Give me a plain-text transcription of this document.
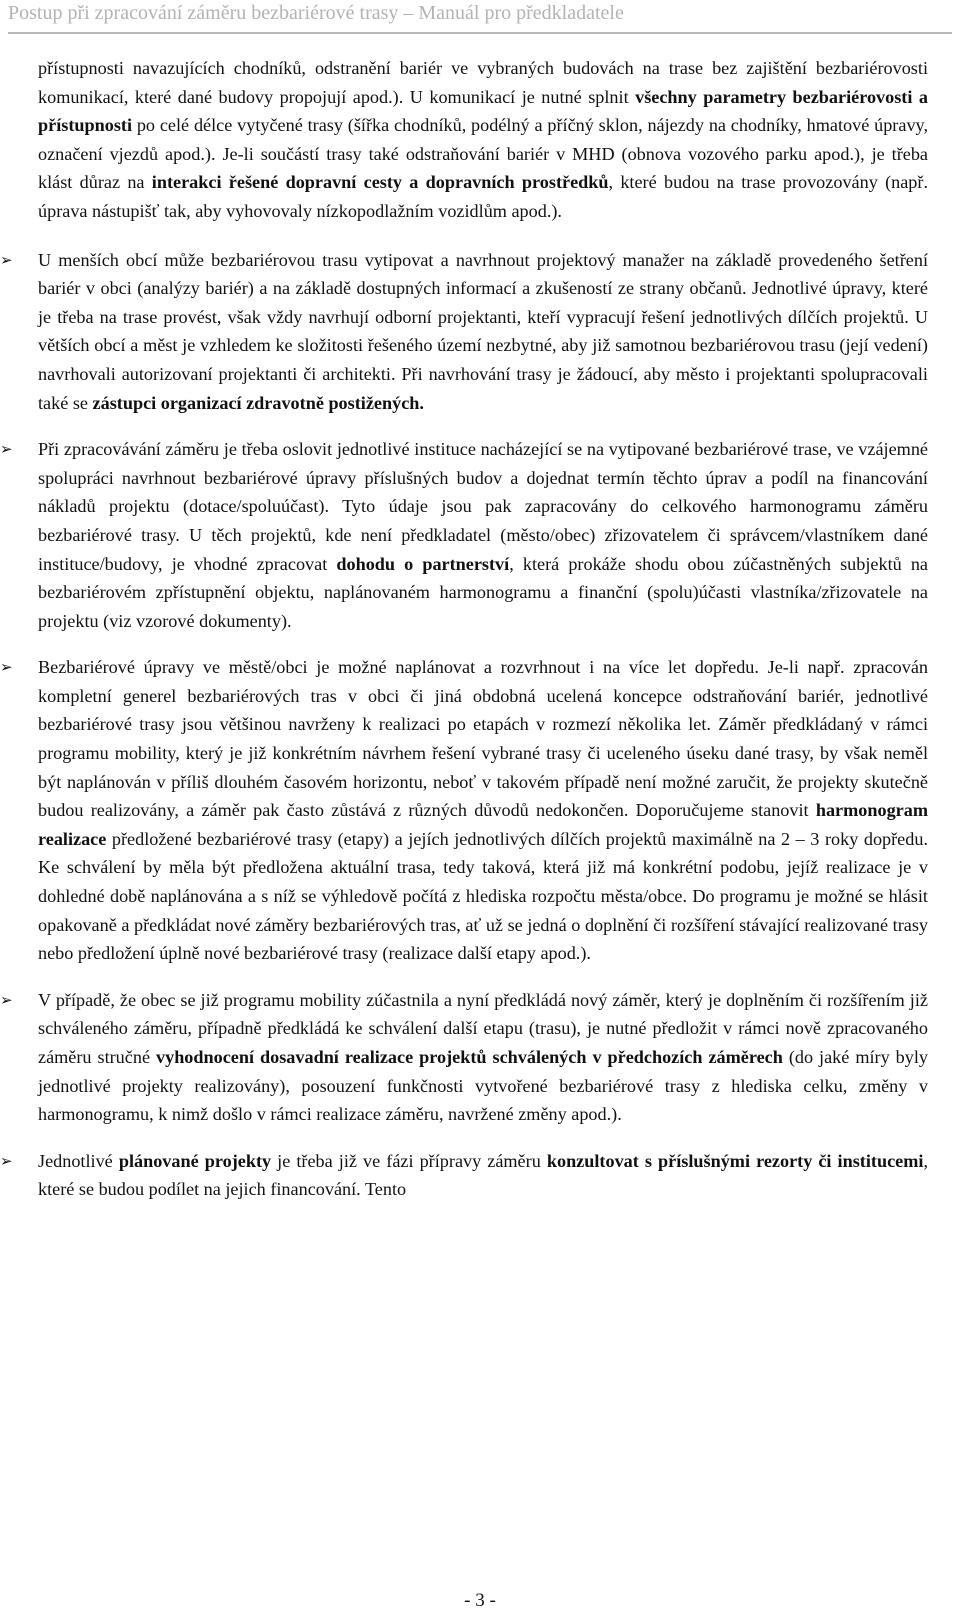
Postup při zpracování záměru bezbariérové trasy – Manuál pro předkladatele

přístupnosti navazujících chodníků, odstranění bariér ve vybraných budovách na trase bez zajištění bezbariérovosti komunikací, které dané budovy propojují apod.). U komunikací je nutné splnit všechny parametry bezbariérovosti a přístupnosti po celé délce vytyčené trasy (šířka chodníků, podélný a příčný sklon, nájezdy na chodníky, hmatové úpravy, označení vjezdů apod.). Je-li součástí trasy také odstraňování bariér v MHD (obnova vozového parku apod.), je třeba klást důraz na interakci řešené dopravní cesty a dopravních prostředků, které budou na trase provozovány (např. úprava nástupišť tak, aby vyhovovaly nízkopodlažním vozidlům apod.).

➢	U menších obcí může bezbariérovou trasu vytipovat a navrhnout projektový manažer na základě provedeného šetření bariér v obci (analýzy bariér) a na základě dostupných informací a zkušeností ze strany občanů. Jednotlivé úpravy, které je třeba na trase provést, však vždy navrhují odborní projektanti, kteří vypracují řešení jednotlivých dílčích projektů. U větších obcí a měst je vzhledem ke složitosti řešeného území nezbytné, aby již samotnou bezbariérovou trasu (její vedení) navrhovali autorizovaní projektanti či architekti. Při navrhování trasy je žádoucí, aby město i projektanti spolupracovali také se zástupci organizací zdravotně postižených.

➢	Při zpracovávání záměru je třeba oslovit jednotlivé instituce nacházející se na vytipované bezbariérové trase, ve vzájemné spolupráci navrhnout bezbariérové úpravy příslušných budov a dojednat termín těchto úprav a podíl na financování nákladů projektu (dotace/spoluúčast). Tyto údaje jsou pak zapracovány do celkového harmonogramu záměru bezbariérové trasy. U těch projektů, kde není předkladatel (město/obec) zřizovatelem či správcem/vlastníkem dané instituce/budovy, je vhodné zpracovat dohodu o partnerství, která prokáže shodu obou zúčastněných subjektů na bezbariérovém zpřístupnění objektu, naplánovaném harmonogramu a finanční (spolu)účasti vlastníka/zřizovatele na projektu (viz vzorové dokumenty).

➢	Bezbariérové úpravy ve městě/obci je možné naplánovat a rozvrhnout i na více let dopředu. Je-li např. zpracován kompletní generel bezbariérových tras v obci či jiná obdobná ucelená koncepce odstraňování bariér, jednotlivé bezbariérové trasy jsou většinou navrženy k realizaci po etapách v rozmezí několika let. Záměr předkládaný v rámci programu mobility, který je již konkrétním návrhem řešení vybrané trasy či uceleného úseku dané trasy, by však neměl být naplánován v příliš dlouhém časovém horizontu, neboť v takovém případě není možné zaručit, že projekty skutečně budou realizovány, a záměr pak často zůstává z různých důvodů nedokončen. Doporučujeme stanovit harmonogram realizace předložené bezbariérové trasy (etapy) a jejích jednotlivých dílčích projektů maximálně na 2 – 3 roky dopředu. Ke schválení by měla být předložena aktuální trasa, tedy taková, která již má konkrétní podobu, jejíž realizace je v dohledné době naplánována a s níž se výhledově počítá z hlediska rozpočtu města/obce. Do programu je možné se hlásit opakovaně a předkládat nové záměry bezbariérových tras, ať už se jedná o doplnění či rozšíření stávající realizované trasy nebo předložení úplně nové bezbariérové trasy (realizace další etapy apod.).

➢	V případě, že obec se již programu mobility zúčastnila a nyní předkládá nový záměr, který je doplněním či rozšířením již schváleného záměru, případně předkládá ke schválení další etapu (trasu), je nutné předložit v rámci nově zpracovaného záměru stručné vyhodnocení dosavadní realizace projektů schválených v předchozích záměrech (do jaké míry byly jednotlivé projekty realizovány), posouzení funkčnosti vytvořené bezbariérové trasy z hlediska celku, změny v harmonogramu, k nimž došlo v rámci realizace záměru, navržené změny apod.).

➢	Jednotlivé plánované projekty je třeba již ve fázi přípravy záměru konzultovat s příslušnými rezorty či institucemi, které se budou podílet na jejich financování. Tento

- 3 -
